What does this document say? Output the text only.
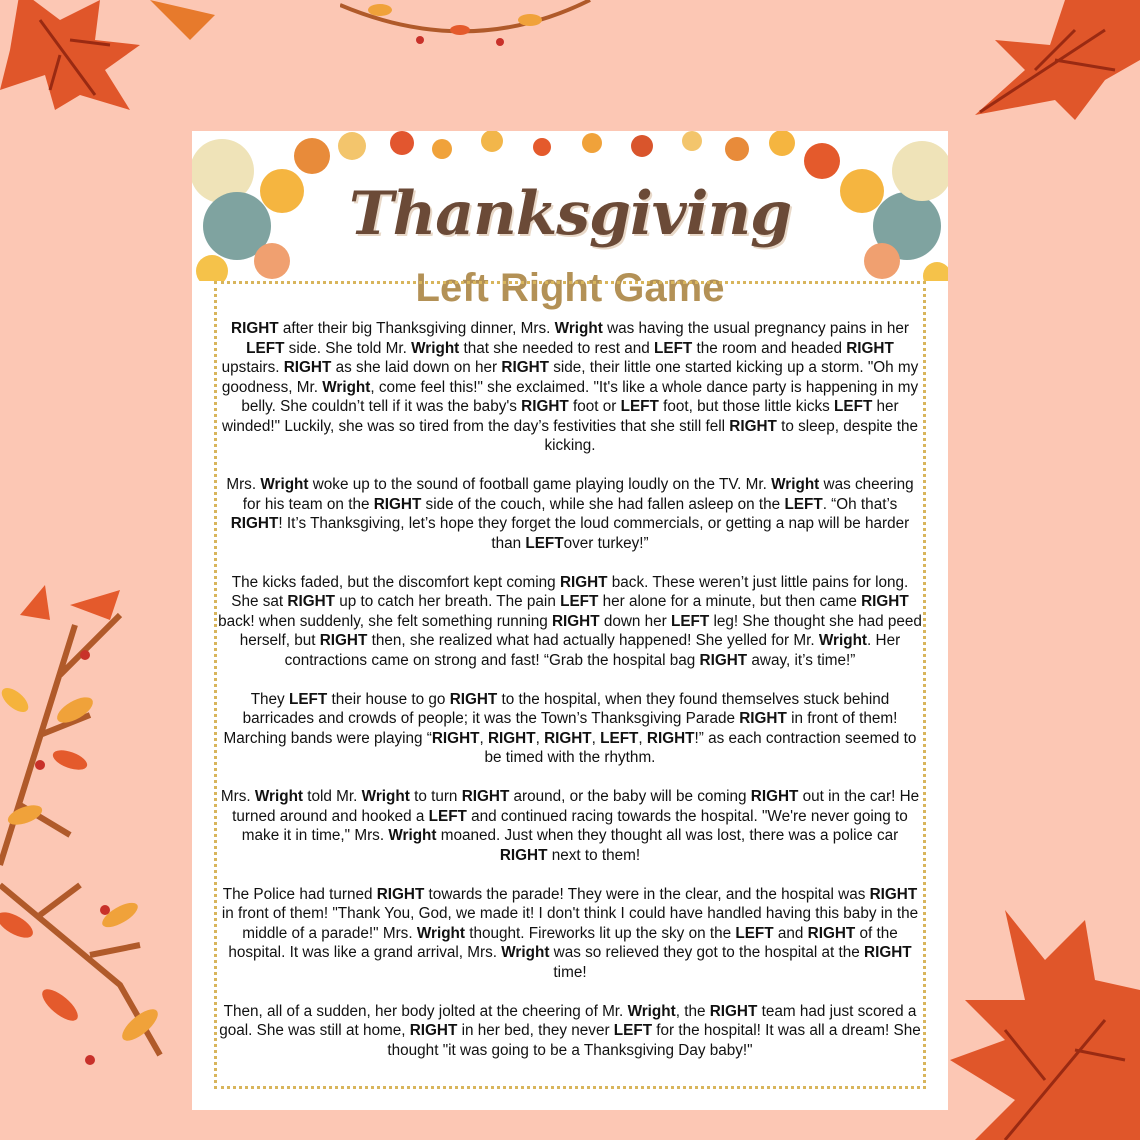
Thanksgiving
Left Right Game

RIGHT after their big Thanksgiving dinner, Mrs. Wright was having the usual pregnancy pains in her LEFT side. She told Mr. Wright that she needed to rest and LEFT the room and headed RIGHT upstairs. RIGHT as she laid down on her RIGHT side, their little one started kicking up a storm. "Oh my goodness, Mr. Wright, come feel this!" she exclaimed. "It's like a whole dance party is happening in my belly. She couldn’t tell if it was the baby's RIGHT foot or LEFT foot, but those little kicks LEFT her winded!" Luckily, she was so tired from the day’s festivities that she still fell RIGHT to sleep, despite the kicking.

Mrs. Wright woke up to the sound of football game playing loudly on the TV. Mr. Wright was cheering for his team on the RIGHT side of the couch, while she had fallen asleep on the LEFT. “Oh that’s RIGHT! It’s Thanksgiving, let’s hope they forget the loud commercials, or getting a nap will be harder than LEFTover turkey!”

The kicks faded, but the discomfort kept coming RIGHT back. These weren’t just little pains for long. She sat RIGHT up to catch her breath. The pain LEFT her alone for a minute, but then came RIGHT back! when suddenly, she felt something running RIGHT down her LEFT leg! She thought she had peed herself, but RIGHT then, she realized what had actually happened! She yelled for Mr. Wright. Her contractions came on strong and fast! “Grab the hospital bag RIGHT away, it’s time!”

They LEFT their house to go RIGHT to the hospital, when they found themselves stuck behind barricades and crowds of people; it was the Town’s Thanksgiving Parade RIGHT in front of them! Marching bands were playing “RIGHT, RIGHT, RIGHT, LEFT, RIGHT!” as each contraction seemed to be timed with the rhythm.

Mrs. Wright told Mr. Wright to turn RIGHT around, or the baby will be coming RIGHT out in the car! He turned around and hooked a LEFT and continued racing towards the hospital. "We're never going to make it in time," Mrs. Wright moaned. Just when they thought all was lost, there was a police car RIGHT next to them!

The Police had turned RIGHT towards the parade! They were in the clear, and the hospital was RIGHT in front of them! "Thank You, God, we made it! I don't think I could have handled having this baby in the middle of a parade!" Mrs. Wright thought. Fireworks lit up the sky on the LEFT and RIGHT of the hospital. It was like a grand arrival, Mrs. Wright was so relieved they got to the hospital at the RIGHT time!

Then, all of a sudden, her body jolted at the cheering of Mr. Wright, the RIGHT team had just scored a goal. She was still at home, RIGHT in her bed, they never LEFT for the hospital! It was all a dream! She thought "it was going to be a Thanksgiving Day baby!"
